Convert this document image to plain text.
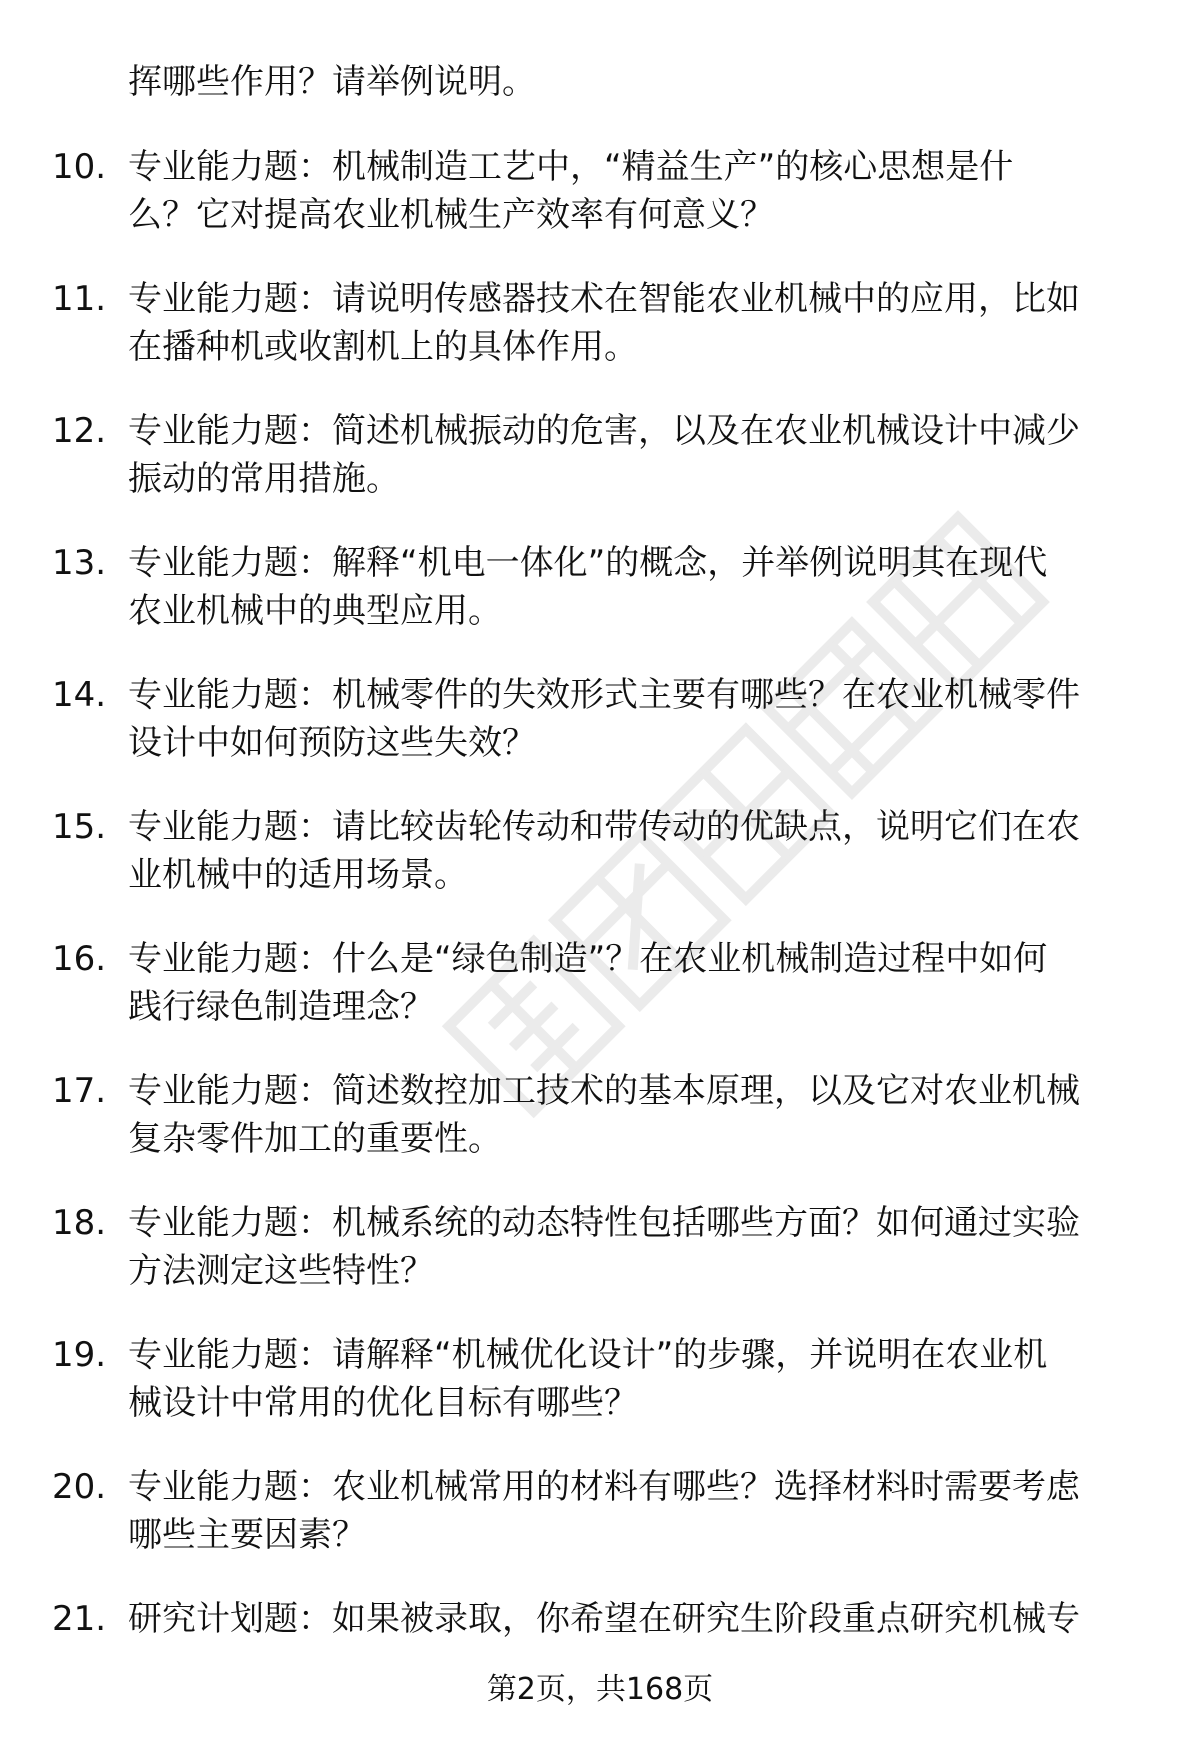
挥哪些作用？请举例说明。
10. 专业能力题：机械制造工艺中，“精益生产”的核心思想是什
么？它对提高农业机械生产效率有何意义？
11. 专业能力题：请说明传感器技术在智能农业机械中的应用，比如
在播种机或收割机上的具体作用。
12. 专业能力题：简述机械振动的危害，以及在农业机械设计中减少
振动的常用措施。
13. 专业能力题：解释“机电一体化”的概念，并举例说明其在现代
农业机械中的典型应用。
14. 专业能力题：机械零件的失效形式主要有哪些？在农业机械零件
设计中如何预防这些失效？
15. 专业能力题：请比较齿轮传动和带传动的优缺点，说明它们在农
业机械中的适用场景。
16. 专业能力题：什么是“绿色制造”？在农业机械制造过程中如何
践行绿色制造理念？
17. 专业能力题：简述数控加工技术的基本原理，以及它对农业机械
复杂零件加工的重要性。
18. 专业能力题：机械系统的动态特性包括哪些方面？如何通过实验
方法测定这些特性？
19. 专业能力题：请解释“机械优化设计”的步骤，并说明在农业机
械设计中常用的优化目标有哪些？
20. 专业能力题：农业机械常用的材料有哪些？选择材料时需要考虑
哪些主要因素？
21. 研究计划题：如果被录取，你希望在研究生阶段重点研究机械专
第2页，共168页
